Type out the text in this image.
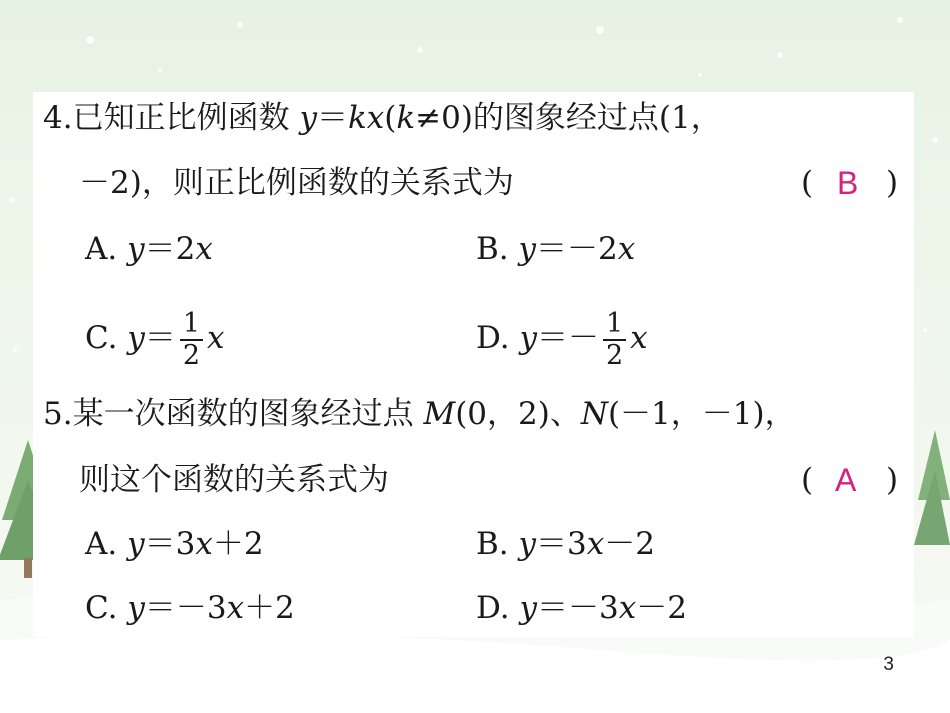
4.已知正比例函数 y＝kx(k≠0)的图象经过点(1，
－2)，则正比例函数的关系式为	( B )
A. y＝2x	B. y＝－2x
C. $y= \frac{1}{2}$ x	D. $y=- \frac{1}{2}$ x
5.某一次函数的图象经过点 M(0，2)、N(－1，－1)，
则这个函数的关系式为	( A )
A. y＝3x＋2	B. y＝3x－2
C. y＝－3x＋2	D. y＝－3x－2
3
